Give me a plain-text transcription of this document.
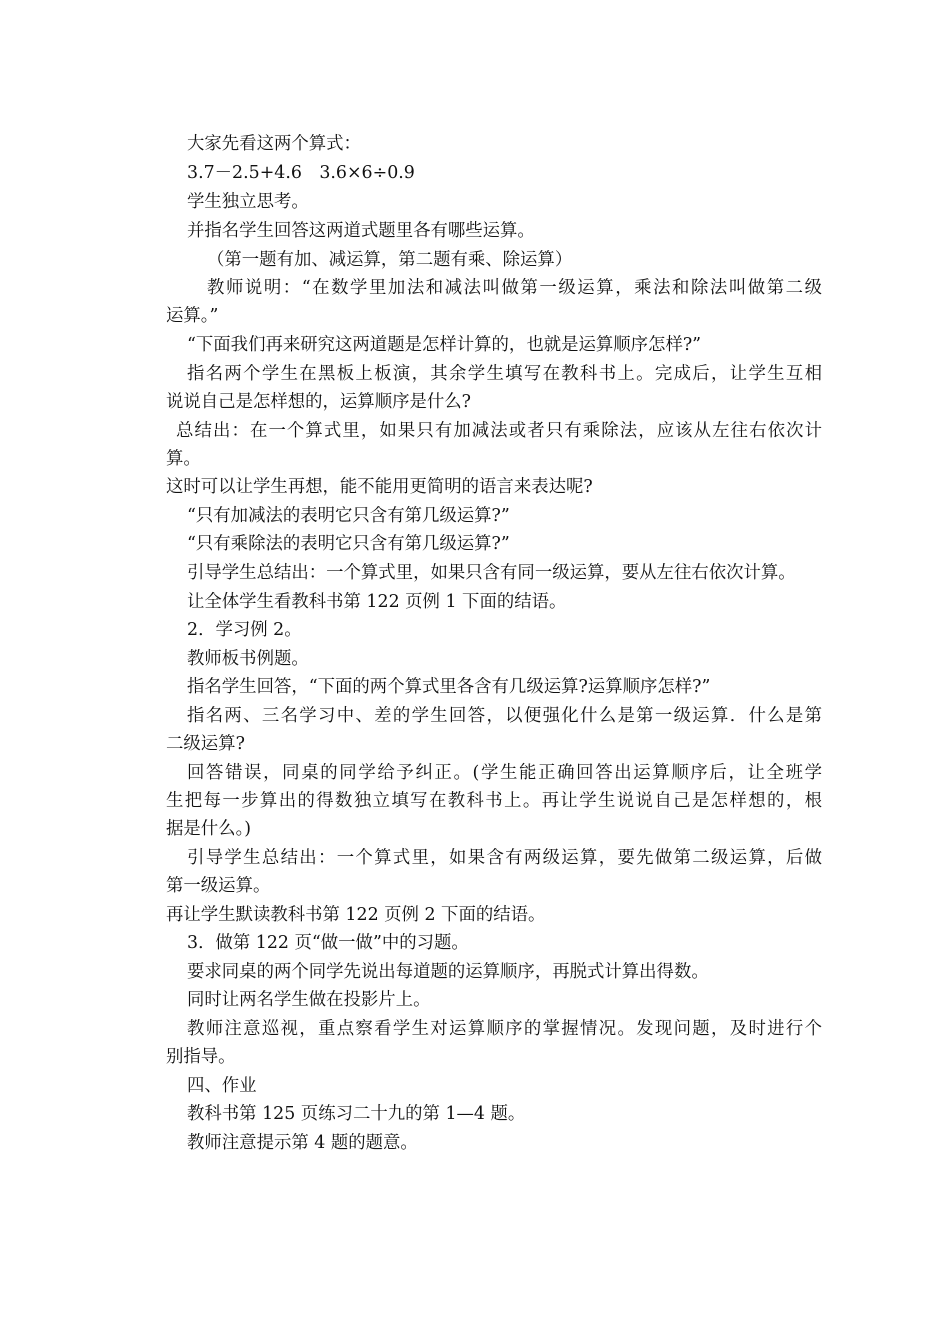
大家先看这两个算式：
3.7－2.5+4.6　3.6×6÷0.9
学生独立思考。
并指名学生回答这两道式题里各有哪些运算。
（第一题有加、减运算，第二题有乘、除运算）
教师说明：“在数学里加法和减法叫做第一级运算，乘法和除法叫做第二级
运算。”
“下面我们再来研究这两道题是怎样计算的，也就是运算顺序怎样?”
指名两个学生在黑板上板演，其余学生填写在教科书上。完成后，让学生互相
说说自己是怎样想的，运算顺序是什么?
总结出：在一个算式里，如果只有加减法或者只有乘除法，应该从左往右依次计
算。
这时可以让学生再想，能不能用更简明的语言来表达呢?
“只有加减法的表明它只含有第几级运算?”
“只有乘除法的表明它只含有第几级运算?”
引导学生总结出：一个算式里，如果只含有同一级运算，要从左往右依次计算。
让全体学生看教科书第 122 页例 1 下面的结语。
2．学习例 2。
教师板书例题。
指名学生回答，“下面的两个算式里各含有几级运算?运算顺序怎样?”
指名两、三名学习中、差的学生回答，以便强化什么是第一级运算．什么是第
二级运算?
回答错误，同桌的同学给予纠正。(学生能正确回答出运算顺序后，让全班学
生把每一步算出的得数独立填写在教科书上。再让学生说说自己是怎样想的，根
据是什么。)
引导学生总结出：一个算式里，如果含有两级运算，要先做第二级运算，后做
第一级运算。
再让学生默读教科书第 122 页例 2 下面的结语。
3．做第 122 页“做一做”中的习题。
要求同桌的两个同学先说出每道题的运算顺序，再脱式计算出得数。
同时让两名学生做在投影片上。
教师注意巡视，重点察看学生对运算顺序的掌握情况。发现问题，及时进行个
别指导。
四、作业
教科书第 125 页练习二十九的第 1—4 题。
教师注意提示第 4 题的题意。
